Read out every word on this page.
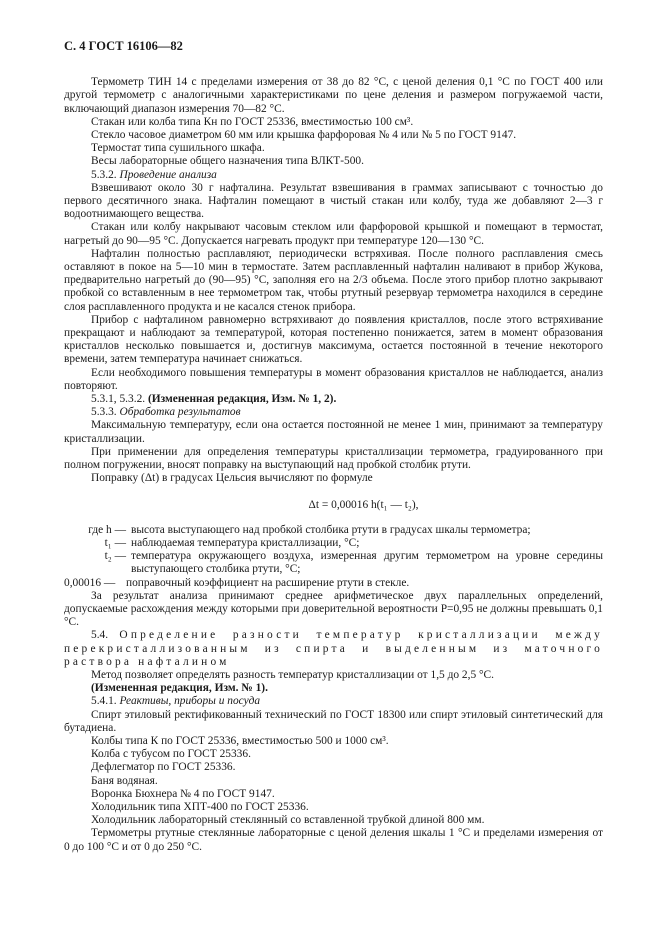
С. 4 ГОСТ 16106—82

Термометр ТИН 14 с пределами измерения от 38 до 82 °С, с ценой деления 0,1 °С по ГОСТ 400 или другой термометр с аналогичными характеристиками по цене деления и размером погружаемой части, включающий диапазон измерения 70—82 °С.

Стакан или колба типа Кн по ГОСТ 25336, вместимостью 100 см³.

Стекло часовое диаметром 60 мм или крышка фарфоровая № 4 или № 5 по ГОСТ 9147.

Термостат типа сушильного шкафа.

Весы лабораторные общего назначения типа ВЛКТ-500.

5.3.2. Проведение анализа

Взвешивают около 30 г нафталина. Результат взвешивания в граммах записывают с точностью до первого десятичного знака. Нафталин помещают в чистый стакан или колбу, туда же добавляют 2—3 г водоотнимающего вещества.

Стакан или колбу накрывают часовым стеклом или фарфоровой крышкой и помещают в термостат, нагретый до 90—95 °С. Допускается нагревать продукт при температуре 120—130 °С.

Нафталин полностью расплавляют, периодически встряхивая. После полного расплавления смесь оставляют в покое на 5—10 мин в термостате. Затем расплавленный нафталин наливают в прибор Жукова, предварительно нагретый до (90—95) °С, заполняя его на 2/3 объема. После этого прибор плотно закрывают пробкой со вставленным в нее термометром так, чтобы ртутный резервуар термометра находился в середине слоя расплавленного продукта и не касался стенок прибора.

Прибор с нафталином равномерно встряхивают до появления кристаллов, после этого встряхивание прекращают и наблюдают за температурой, которая постепенно понижается, затем в момент образования кристаллов несколько повышается и, достигнув максимума, остается постоянной в течение некоторого времени, затем температура начинает снижаться.

Если необходимого повышения температуры в момент образования кристаллов не наблюдается, анализ повторяют.

5.3.1, 5.3.2. (Измененная редакция, Изм. № 1, 2).

5.3.3. Обработка результатов

Максимальную температуру, если она остается постоянной не менее 1 мин, принимают за температуру кристаллизации.

При применении для определения температуры кристаллизации термометра, градуированного при полном погружении, вносят поправку на выступающий над пробкой столбик ртути.

Поправку (Δt) в градусах Цельсия вычисляют по формуле

Δt = 0,00016 h(t₁ — t₂),
где h — высота выступающего над пробкой столбика ртути в градусах шкалы термометра;
t₁ — наблюдаемая температура кристаллизации, °С;
t₂ — температура окружающего воздуха, измеренная другим термометром на уровне середины выступающего столбика ртути, °С;
0,00016 — поправочный коэффициент на расширение ртути в стекле.

За результат анализа принимают среднее арифметическое двух параллельных определений, допускаемые расхождения между которыми при доверительной вероятности P=0,95 не должны превышать 0,1 °С.

5.4. Определение разности температур кристаллизации между перекристаллизованным из спирта и выделенным из маточного раствора нафталином

Метод позволяет определять разность температур кристаллизации от 1,5 до 2,5 °С.

(Измененная редакция, Изм. № 1).

5.4.1. Реактивы, приборы и посуда

Спирт этиловый ректификованный технический по ГОСТ 18300 или спирт этиловый синтетический для бутадиена.

Колбы типа К по ГОСТ 25336, вместимостью 500 и 1000 см³.

Колба с тубусом по ГОСТ 25336.

Дефлегматор по ГОСТ 25336.

Баня водяная.

Воронка Бюхнера № 4 по ГОСТ 9147.

Холодильник типа ХПТ-400 по ГОСТ 25336.

Холодильник лабораторный стеклянный со вставленной трубкой длиной 800 мм.

Термометры ртутные стеклянные лабораторные с ценой деления шкалы 1 °С и пределами измерения от 0 до 100 °С и от 0 до 250 °С.
